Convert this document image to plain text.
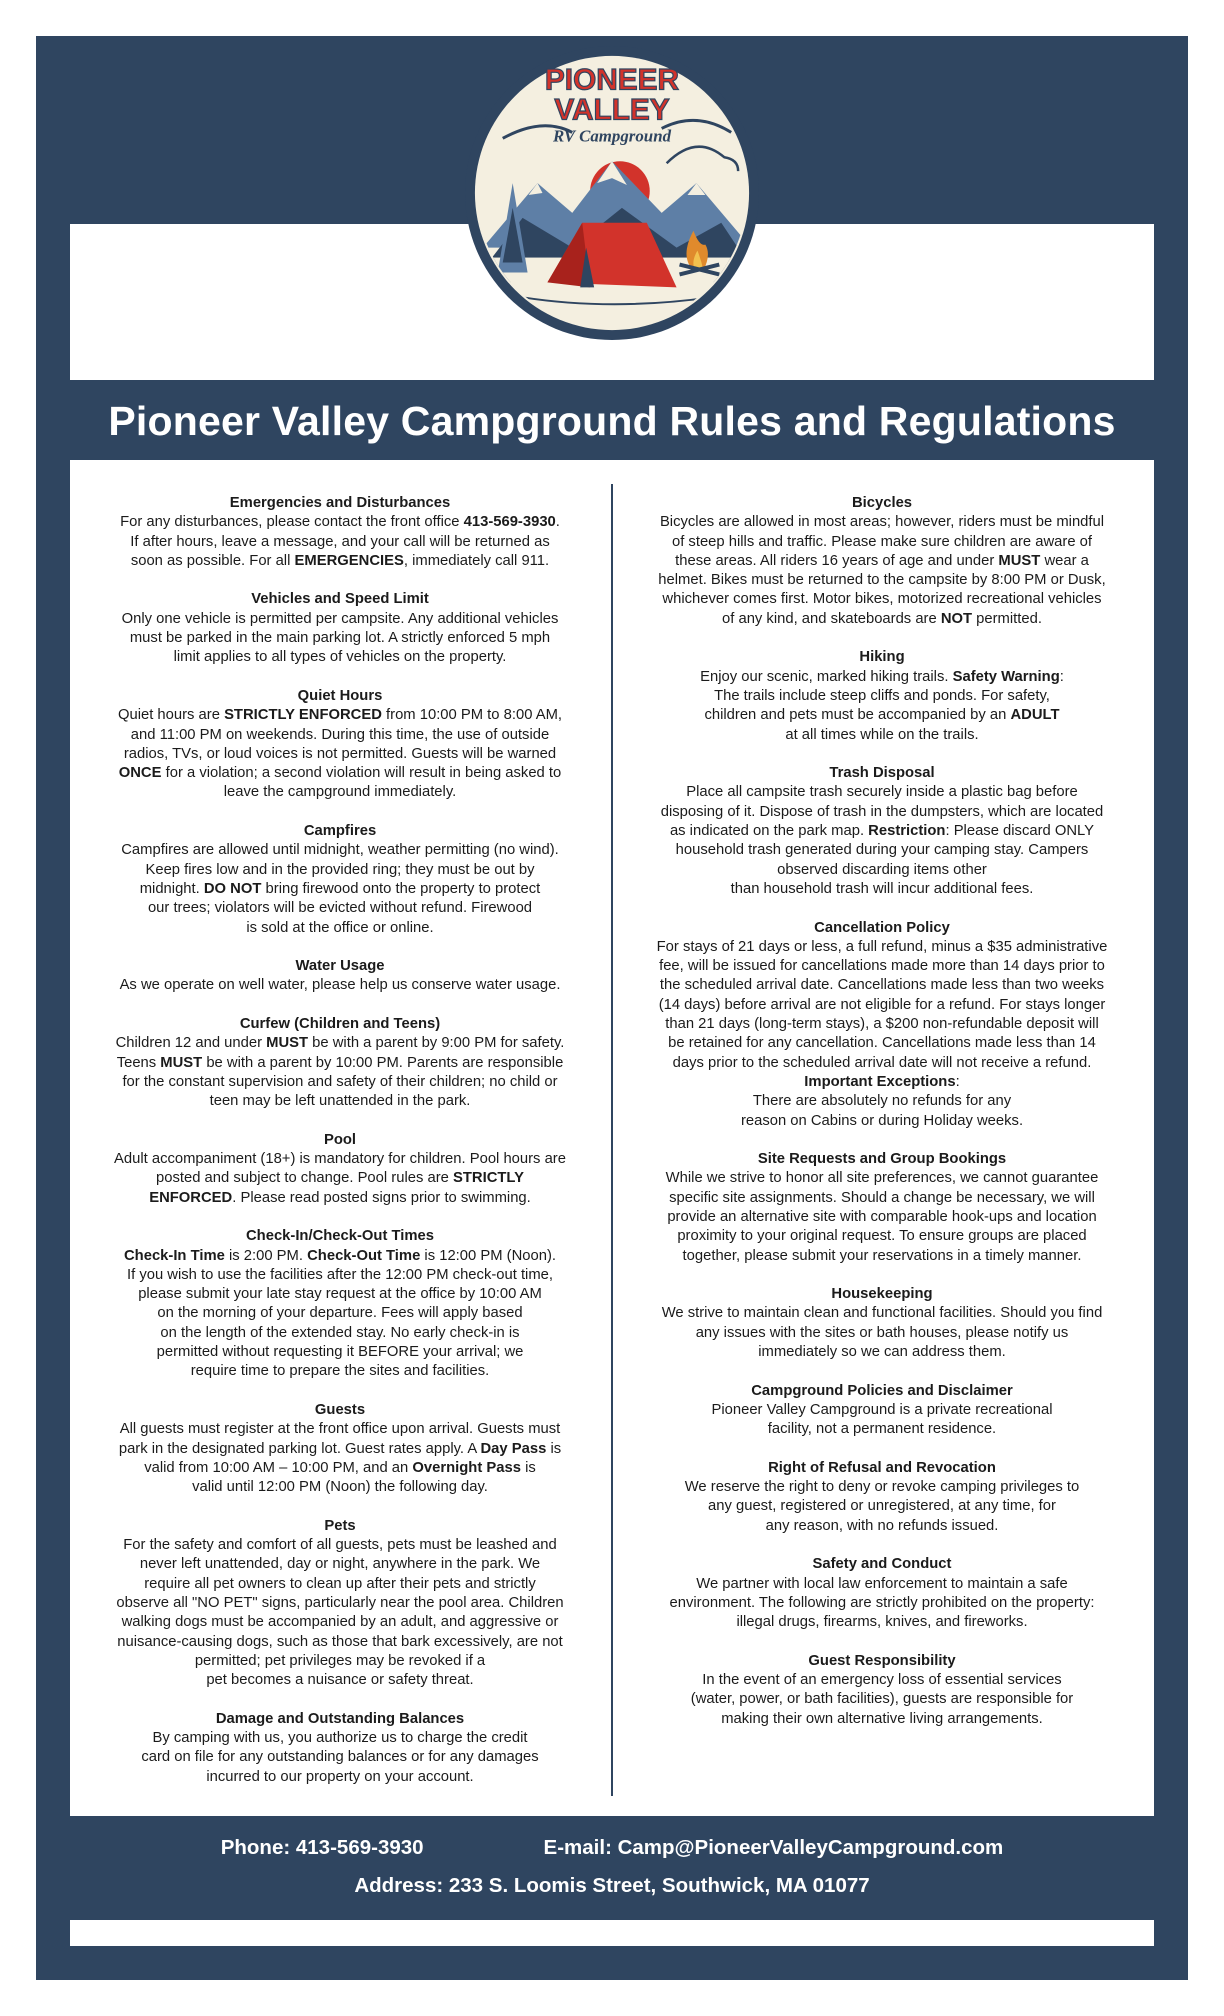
PIONEER
VALLEY
RV Campground
Pioneer Valley Campground Rules and Regulations
Emergencies and Disturbances

For any disturbances, please contact the front office 413-569-3930.
If after hours, leave a message, and your call will be returned as
soon as possible. For all EMERGENCIES, immediately call 911.

Vehicles and Speed Limit

Only one vehicle is permitted per campsite. Any additional vehicles
must be parked in the main parking lot. A strictly enforced 5 mph
limit applies to all types of vehicles on the property.

Quiet Hours

Quiet hours are STRICTLY ENFORCED from 10:00 PM to 8:00 AM,
and 11:00 PM on weekends. During this time, the use of outside
radios, TVs, or loud voices is not permitted. Guests will be warned
ONCE for a violation; a second violation will result in being asked to
leave the campground immediately.

Campfires

Campfires are allowed until midnight, weather permitting (no wind).
Keep fires low and in the provided ring; they must be out by
midnight. DO NOT bring firewood onto the property to protect
our trees; violators will be evicted without refund. Firewood
is sold at the office or online.

Water Usage

As we operate on well water, please help us conserve water usage.

Curfew (Children and Teens)

Children 12 and under MUST be with a parent by 9:00 PM for safety.
Teens MUST be with a parent by 10:00 PM. Parents are responsible
for the constant supervision and safety of their children; no child or
teen may be left unattended in the park.

Pool

Adult accompaniment (18+) is mandatory for children. Pool hours are
posted and subject to change. Pool rules are STRICTLY
ENFORCED. Please read posted signs prior to swimming.

Check-In/Check-Out Times

Check-In Time is 2:00 PM. Check-Out Time is 12:00 PM (Noon).
If you wish to use the facilities after the 12:00 PM check-out time,
please submit your late stay request at the office by 10:00 AM
on the morning of your departure. Fees will apply based
on the length of the extended stay. No early check-in is
permitted without requesting it BEFORE your arrival; we
require time to prepare the sites and facilities.

Guests

All guests must register at the front office upon arrival. Guests must
park in the designated parking lot. Guest rates apply. A Day Pass is
valid from 10:00 AM – 10:00 PM, and an Overnight Pass is
valid until 12:00 PM (Noon) the following day.

Pets

For the safety and comfort of all guests, pets must be leashed and
never left unattended, day or night, anywhere in the park. We
require all pet owners to clean up after their pets and strictly
observe all "NO PET" signs, particularly near the pool area. Children
walking dogs must be accompanied by an adult, and aggressive or
nuisance-causing dogs, such as those that bark excessively, are not
permitted; pet privileges may be revoked if a
pet becomes a nuisance or safety threat.

Damage and Outstanding Balances

By camping with us, you authorize us to charge the credit
card on file for any outstanding balances or for any damages
incurred to our property on your account.

Bicycles

Bicycles are allowed in most areas; however, riders must be mindful
of steep hills and traffic. Please make sure children are aware of
these areas. All riders 16 years of age and under MUST wear a
helmet. Bikes must be returned to the campsite by 8:00 PM or Dusk,
whichever comes first. Motor bikes, motorized recreational vehicles
of any kind, and skateboards are NOT permitted.

Hiking

Enjoy our scenic, marked hiking trails. Safety Warning:
The trails include steep cliffs and ponds. For safety,
children and pets must be accompanied by an ADULT
at all times while on the trails.

Trash Disposal

Place all campsite trash securely inside a plastic bag before
disposing of it. Dispose of trash in the dumpsters, which are located
as indicated on the park map. Restriction: Please discard ONLY
household trash generated during your camping stay. Campers
observed discarding items other
than household trash will incur additional fees.

Cancellation Policy

For stays of 21 days or less, a full refund, minus a $35 administrative
fee, will be issued for cancellations made more than 14 days prior to
the scheduled arrival date. Cancellations made less than two weeks
(14 days) before arrival are not eligible for a refund. For stays longer
than 21 days (long-term stays), a $200 non-refundable deposit will
be retained for any cancellation. Cancellations made less than 14
days prior to the scheduled arrival date will not receive a refund.
Important Exceptions:
There are absolutely no refunds for any
reason on Cabins or during Holiday weeks.

Site Requests and Group Bookings

While we strive to honor all site preferences, we cannot guarantee
specific site assignments. Should a change be necessary, we will
provide an alternative site with comparable hook-ups and location
proximity to your original request. To ensure groups are placed
together, please submit your reservations in a timely manner.

Housekeeping

We strive to maintain clean and functional facilities. Should you find
any issues with the sites or bath houses, please notify us
immediately so we can address them.

Campground Policies and Disclaimer

Pioneer Valley Campground is a private recreational
facility, not a permanent residence.

Right of Refusal and Revocation

We reserve the right to deny or revoke camping privileges to
any guest, registered or unregistered, at any time, for
any reason, with no refunds issued.

Safety and Conduct

We partner with local law enforcement to maintain a safe
environment. The following are strictly prohibited on the property:
illegal drugs, firearms, knives, and fireworks.

Guest Responsibility

In the event of an emergency loss of essential services
(water, power, or bath facilities), guests are responsible for
making their own alternative living arrangements.

Phone: 413-569-3930	E-mail: Camp@PioneerValleyCampground.com
Address: 233 S. Loomis Street, Southwick, MA 01077
